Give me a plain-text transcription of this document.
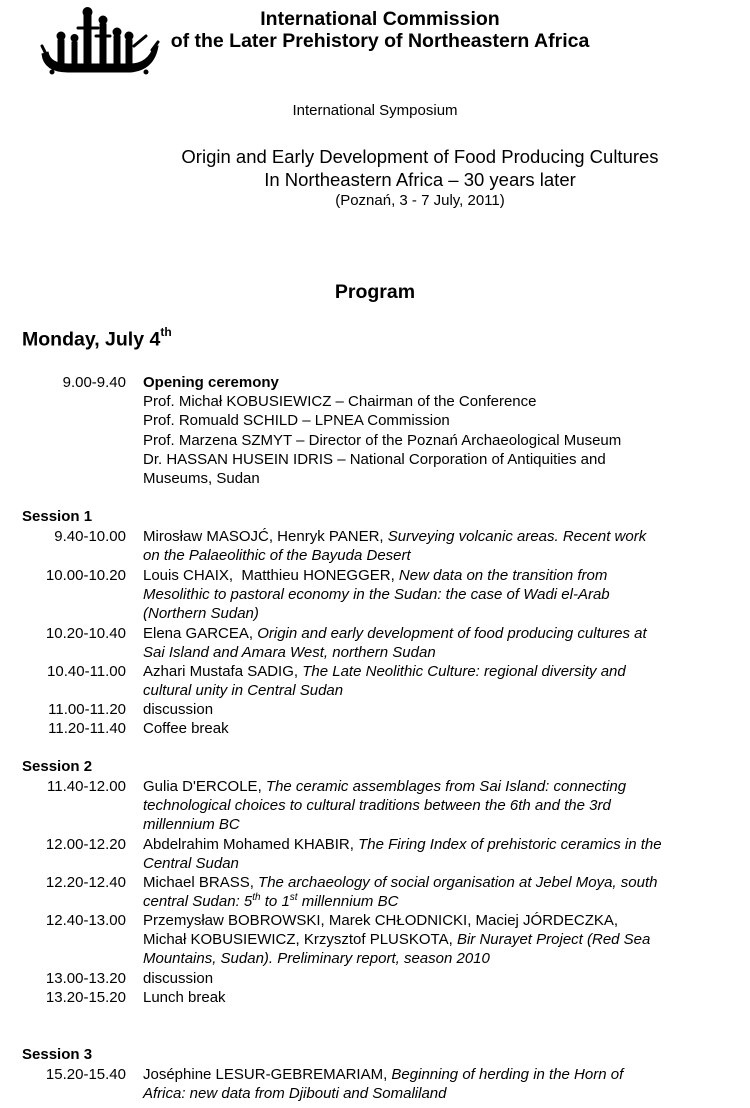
International Commission
of the Later Prehistory of Northeastern Africa
International Symposium
Origin and Early Development of Food Producing Cultures
In Northeastern Africa – 30 years later
(Poznań, 3 - 7 July, 2011)
Program
Monday, July 4th
9.00-9.40 Opening ceremony
Prof. Michał KOBUSIEWICZ – Chairman of the Conference
Prof. Romuald SCHILD – LPNEA Commission
Prof. Marzena SZMYT – Director of the Poznań Archaeological Museum
Dr. HASSAN HUSEIN IDRIS – National Corporation of Antiquities and
Museums, Sudan
Session 1
9.40-10.00 Mirosław MASOJĆ, Henryk PANER, Surveying volcanic areas. Recent work
on the Palaeolithic of the Bayuda Desert
10.00-10.20 Louis CHAIX,  Matthieu HONEGGER, New data on the transition from
Mesolithic to pastoral economy in the Sudan: the case of Wadi el-Arab
(Northern Sudan)
10.20-10.40 Elena GARCEA, Origin and early development of food producing cultures at
Sai Island and Amara West, northern Sudan
10.40-11.00 Azhari Mustafa SADIG, The Late Neolithic Culture: regional diversity and
cultural unity in Central Sudan
11.00-11.20 discussion
11.20-11.40 Coffee break
Session 2
11.40-12.00 Gulia D'ERCOLE, The ceramic assemblages from Sai Island: connecting
technological choices to cultural traditions between the 6th and the 3rd
millennium BC
12.00-12.20 Abdelrahim Mohamed KHABIR, The Firing Index of prehistoric ceramics in the
Central Sudan
12.20-12.40 Michael BRASS, The archaeology of social organisation at Jebel Moya, south
central Sudan: 5th to 1st millennium BC
12.40-13.00 Przemysław BOBROWSKI, Marek CHŁODNICKI, Maciej JÓRDECZKA,
Michał KOBUSIEWICZ, Krzysztof PLUSKOTA, Bir Nurayet Project (Red Sea
Mountains, Sudan). Preliminary report, season 2010
13.00-13.20 discussion
13.20-15.20 Lunch break
Session 3
15.20-15.40 Joséphine LESUR-GEBREMARIAM, Beginning of herding in the Horn of
Africa: new data from Djibouti and Somaliland
